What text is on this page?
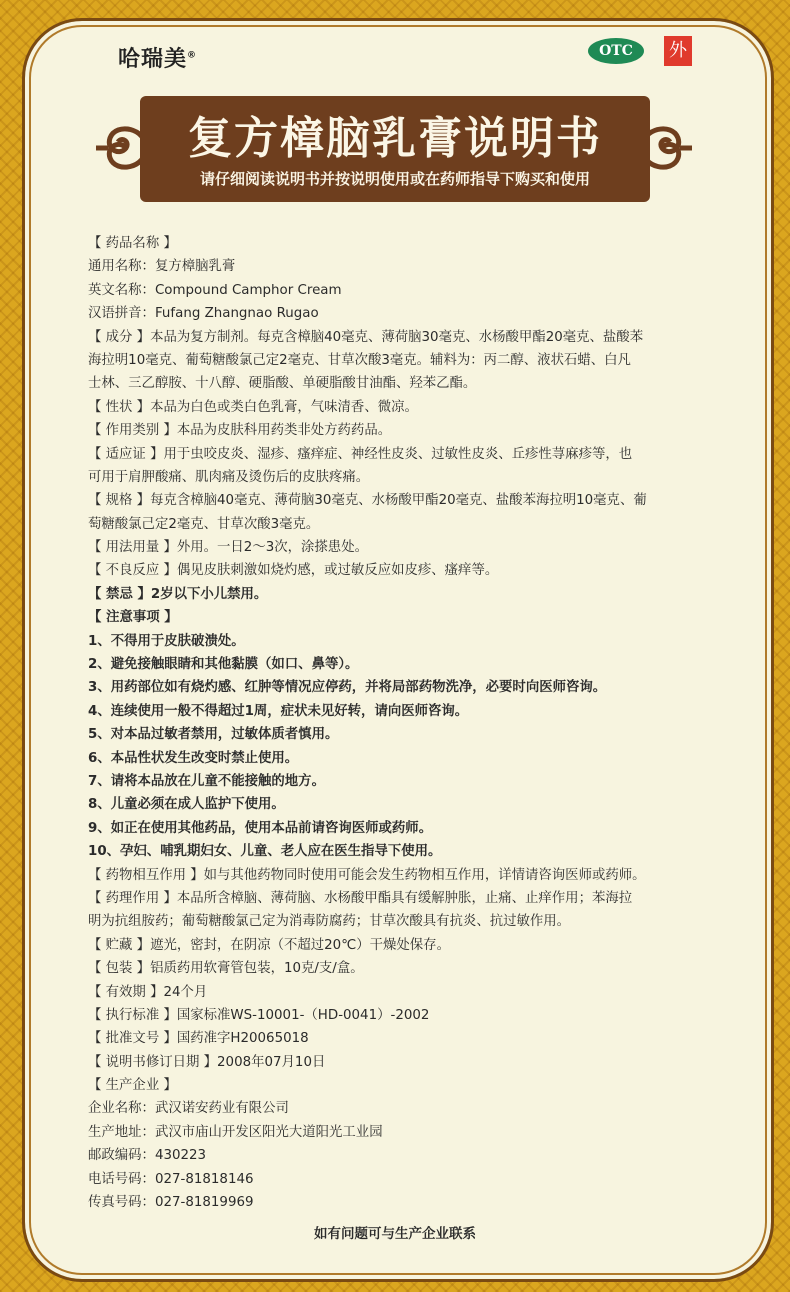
哈瑞美®	OTC	外
复方樟脑乳膏说明书
请仔细阅读说明书并按说明使用或在药师指导下购买和使用
【 药品名称 】
通用名称：复方樟脑乳膏
英文名称：Compound Camphor Cream
汉语拼音：Fufang Zhangnao Rugao
【 成分 】本品为复方制剂。每克含樟脑40毫克、薄荷脑30毫克、水杨酸甲酯20毫克、盐酸苯
海拉明10毫克、葡萄糖酸氯己定2毫克、甘草次酸3毫克。辅料为：丙二醇、液状石蜡、白凡
士林、三乙醇胺、十八醇、硬脂酸、单硬脂酸甘油酯、羟苯乙酯。
【 性状 】本品为白色或类白色乳膏，气味清香、微凉。
【 作用类别 】本品为皮肤科用药类非处方药药品。
【 适应证 】用于虫咬皮炎、湿疹、瘙痒症、神经性皮炎、过敏性皮炎、丘疹性荨麻疹等，也
可用于肩胛酸痛、肌肉痛及烫伤后的皮肤疼痛。
【 规格 】每克含樟脑40毫克、薄荷脑30毫克、水杨酸甲酯20毫克、盐酸苯海拉明10毫克、葡
萄糖酸氯己定2毫克、甘草次酸3毫克。
【 用法用量 】外用。一日2～3次，涂搽患处。
【 不良反应 】偶见皮肤刺激如烧灼感，或过敏反应如皮疹、瘙痒等。
【 禁忌 】2岁以下小儿禁用。
【 注意事项 】
1、不得用于皮肤破溃处。
2、避免接触眼睛和其他黏膜（如口、鼻等）。
3、用药部位如有烧灼感、红肿等情况应停药，并将局部药物洗净，必要时向医师咨询。
4、连续使用一般不得超过1周，症状未见好转，请向医师咨询。
5、对本品过敏者禁用，过敏体质者慎用。
6、本品性状发生改变时禁止使用。
7、请将本品放在儿童不能接触的地方。
8、儿童必须在成人监护下使用。
9、如正在使用其他药品，使用本品前请咨询医师或药师。
10、孕妇、哺乳期妇女、儿童、老人应在医生指导下使用。
【 药物相互作用 】如与其他药物同时使用可能会发生药物相互作用，详情请咨询医师或药师。
【 药理作用 】本品所含樟脑、薄荷脑、水杨酸甲酯具有缓解肿胀，止痛、止痒作用；苯海拉
明为抗组胺药；葡萄糖酸氯己定为消毒防腐药；甘草次酸具有抗炎、抗过敏作用。
【 贮藏 】遮光，密封，在阴凉（不超过20℃）干燥处保存。
【 包装 】铝质药用软膏管包装，10克/支/盒。
【 有效期 】24个月
【 执行标准 】国家标准WS-10001-（HD-0041）-2002
【 批准文号 】国药准字H20065018
【 说明书修订日期 】2008年07月10日
【 生产企业 】
企业名称：武汉诺安药业有限公司
生产地址：武汉市庙山开发区阳光大道阳光工业园
邮政编码：430223
电话号码：027-81818146
传真号码：027-81819969
如有问题可与生产企业联系
